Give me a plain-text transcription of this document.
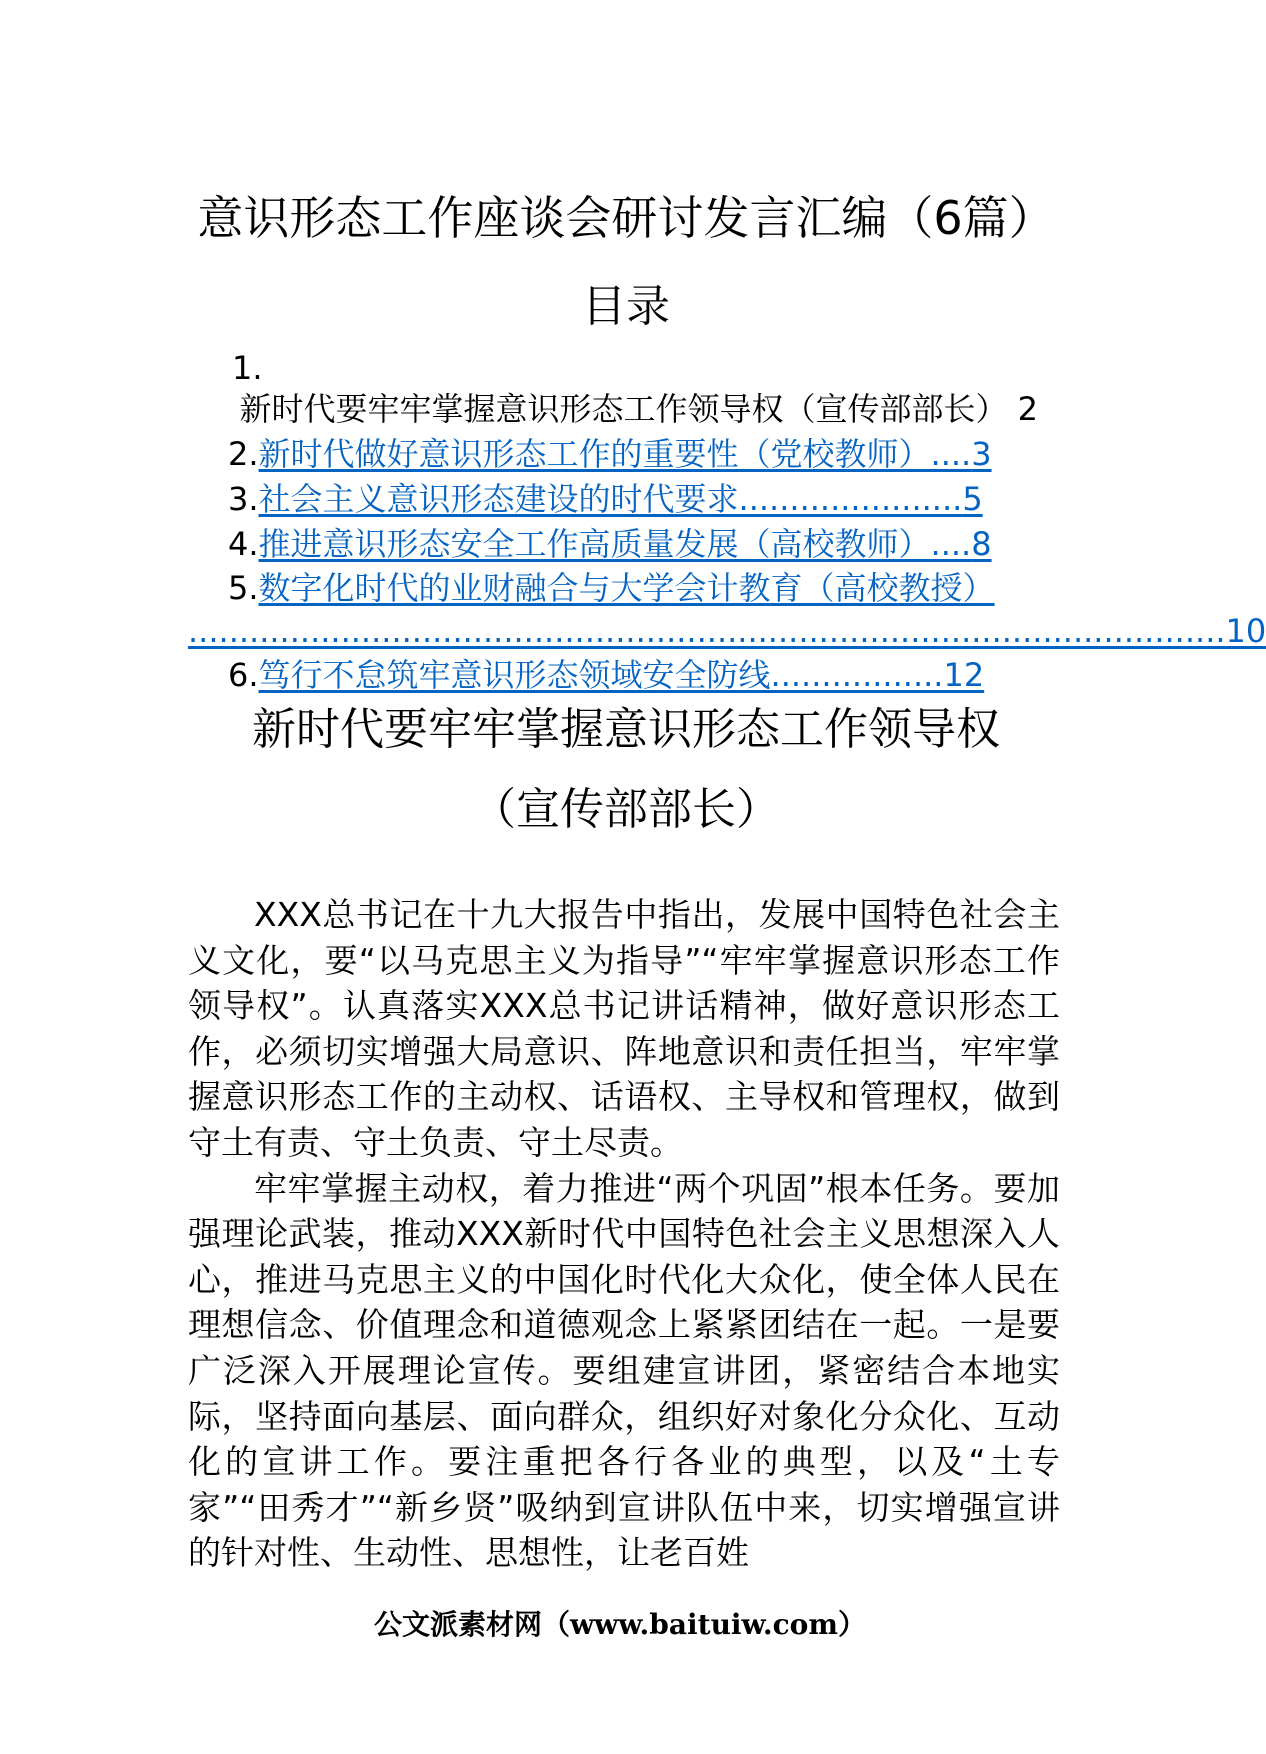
意识形态工作座谈会研讨发言汇编（6篇）
目录
1.
新时代要牢牢掌握意识形态工作领导权（宣传部部长） 2
2.新时代做好意识形态工作的重要性（党校教师）....3
3.社会主义意识形态建设的时代要求......................5
4.推进意识形态安全工作高质量发展（高校教师）....8
5.数字化时代的业财融合与大学会计教育（高校教授）
...................................................................................................... 10
6.笃行不怠筑牢意识形态领域安全防线.................12
新时代要牢牢掌握意识形态工作领导权
（宣传部部长）

XXX总书记在十九大报告中指出，发展中国特色社会主义文化，要“以马克思主义为指导”“牢牢掌握意识形态工作领导权”。认真落实XXX总书记讲话精神，做好意识形态工作，必须切实增强大局意识、阵地意识和责任担当，牢牢掌握意识形态工作的主动权、话语权、主导权和管理权，做到守土有责、守土负责、守土尽责。

牢牢掌握主动权，着力推进“两个巩固”根本任务。要加强理论武装，推动XXX新时代中国特色社会主义思想深入人心，推进马克思主义的中国化时代化大众化，使全体人民在理想信念、价值理念和道德观念上紧紧团结在一起。一是要广泛深入开展理论宣传。要组建宣讲团，紧密结合本地实际，坚持面向基层、面向群众，组织好对象化分众化、互动化的宣讲工作。要注重把各行各业的典型，以及“土专家”“田秀才”“新乡贤”吸纳到宣讲队伍中来，切实增强宣讲的针对性、生动性、思想性，让老百姓

公文派素材网（www.baituiw.com）
